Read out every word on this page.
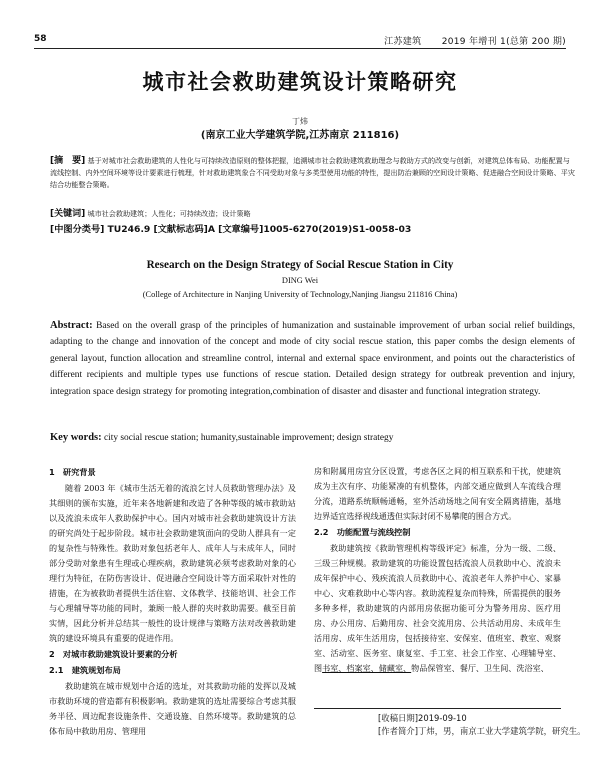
58	江苏建筑 2019 年增刊 1(总第 200 期)
城市社会救助建筑设计策略研究
丁炜
(南京工业大学建筑学院,江苏南京 211816)
[摘　要] 基于对城市社会救助建筑的人性化与可持续改造原则的整体把握，追溯城市社会救助建筑救助理念与救助方式的改变与创新，对建筑总体布局、功能配置与流线控制、内外空间环境等设计要素进行梳理，针对救助建筑象合不同受助对象与多类型使用功能的特性，提出防治兼顾的空间设计策略、促进融合空间设计策略、平灾结合功能整合策略。
[关键词] 城市社会救助建筑；人性化；可持续改造；设计策略
[中图分类号] TU246.9 [文献标志码]A [文章编号]1005-6270(2019)S1-0058-03
Research on the Design Strategy of Social Rescue Station in City
DING Wei
(College of Architecture in Nanjing University of Technology,Nanjing Jiangsu 211816 China)
Abstract: Based on the overall grasp of the principles of humanization and sustainable improvement of urban social relief buildings, adapting to the change and innovation of the concept and mode of city social rescue station, this paper combs the design elements of general layout, function allocation and streamline control, internal and external space environment, and points out the characteristics of different recipients and multiple types use functions of rescue station. Detailed design strategy for outbreak prevention and injury, integration space design strategy for promoting integration,combination of disaster and disaster and functional integration strategy.
Key words: city social rescue station; humanity,sustainable improvement; design strategy

1　研究背景

随着 2003 年《城市生活无着的流浪乞讨人员救助管理办法》及其细则的颁布实施，近年来各地新建和改造了各种等级的城市救助站以及流浪未成年人救助保护中心。国内对城市社会救助建筑设计方法的研究尚处于起步阶段。城市社会救助建筑面向的受助人群具有一定的复杂性与特殊性。救助对象包括老年人、成年人与未成年人，同时部分受助对象患有生理或心理疾病，救助建筑必须考虑救助对象的心理行为特征，在防伤害设计、促进融合空间设计等方面采取针对性的措施，在为被救助者提供生活住宿、文体教学、技能培训、社会工作与心理辅导等功能的同时，兼顾一般人群的夹时救助需要。截至目前实情，因此分析并总结其一般性的设计规律与策略方法对改善救助建筑的建设环境具有重要的促进作用。

2　对城市救助建筑设计要素的分析

2.1　建筑规划布局

救助建筑在城市规划中合适的选址，对其救助功能的发挥以及城市救助环境的营造都有积极影响。救助建筑的选址需要综合考虑其服务半径、周边配套设施条件、交通设施、自然环境等。救助建筑的总体布局中救助用房、管理用

房和附属用房宜分区设置，考虑各区之间的相互联系和干扰，使建筑成为主次有序、功能紧凑的有机整体，内部交通应做到人车流线合理分流，道路系统顺畅通畅，室外活动场地之间有安全隔离措施，基地边界适宜选择视线通透但实际封闭不易攀爬的围合方式。

2.2　功能配置与流线控制

救助建筑按《救助管理机构等级评定》标准，分为一级、二级、三级三种规模。救助建筑的功能设置包括流浪人员救助中心、流浪未成年保护中心、残疾流浪人员救助中心、流浪老年人养护中心、家暴中心、灾难救助中心等内容。救助流程复杂而特殊，所需提供的服务多种多样，救助建筑的内部用房依据功能可分为警务用房、医疗用房、办公用房、后勤用房、社会交流用房、公共活动用房、未成年生活用房、成年生活用房，包括接待室、安保室、值班室、教室、观察室、活动室、医务室、康复室、手工室、社会工作室、心理辅导室、图书室、档案室、储藏室、物品保管室、餐厅、卫生间、洗浴室、

[收稿日期]2019-09-10
[作者简介]丁炜，男，南京工业大学建筑学院，研究生。
